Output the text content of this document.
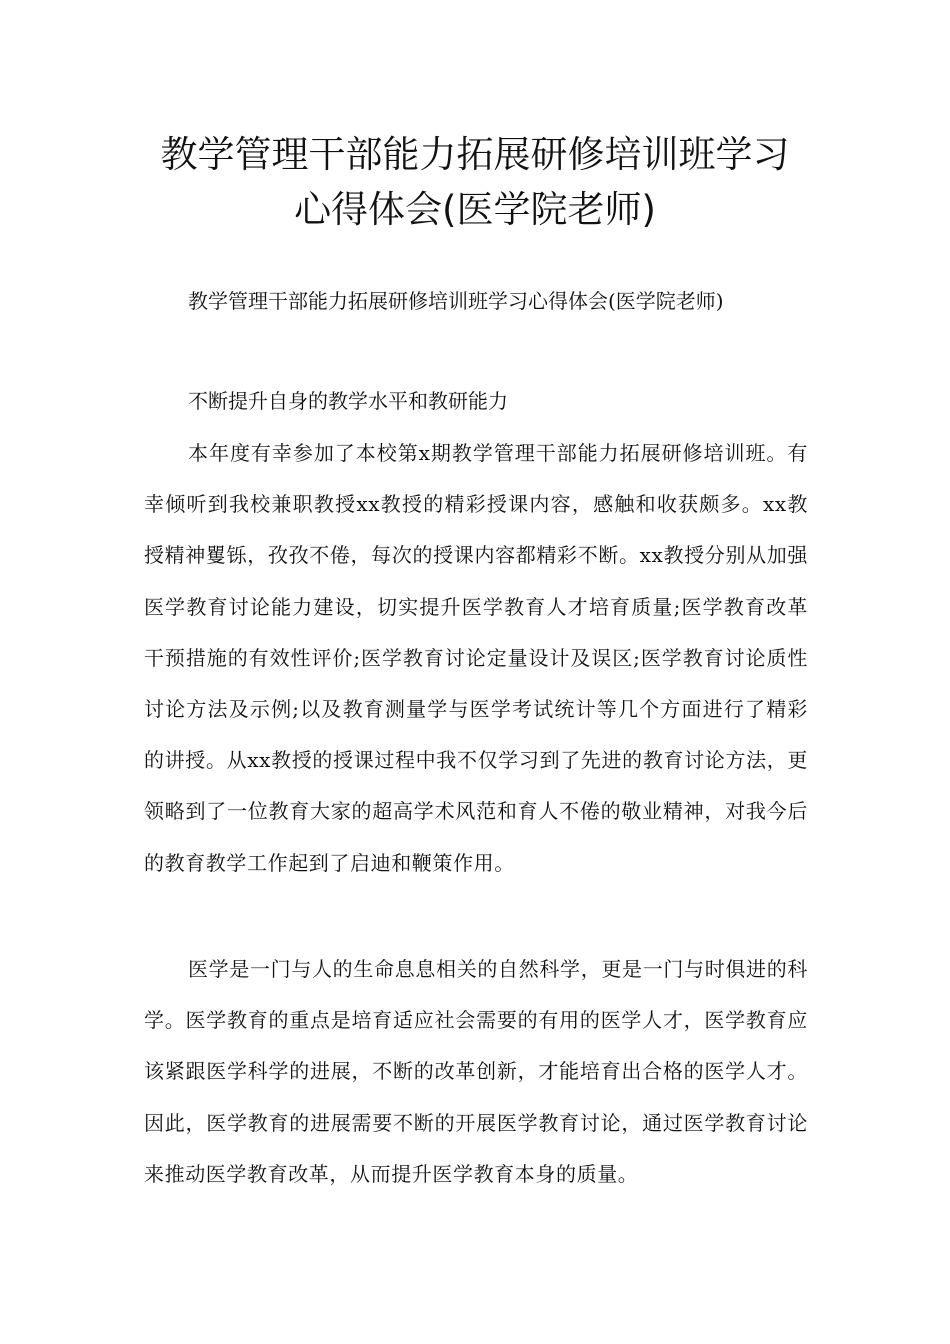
教学管理干部能力拓展研修培训班学习
心得体会(医学院老师)

教学管理干部能力拓展研修培训班学习心得体会(医学院老师)

不断提升自身的教学水平和教研能力

本年度有幸参加了本校第x期教学管理干部能力拓展研修培训班。有幸倾听到我校兼职教授xx教授的精彩授课内容，感触和收获颇多。xx教授精神矍铄，孜孜不倦，每次的授课内容都精彩不断。xx教授分别从加强医学教育讨论能力建设，切实提升医学教育人才培育质量;医学教育改革干预措施的有效性评价;医学教育讨论定量设计及误区;医学教育讨论质性讨论方法及示例;以及教育测量学与医学考试统计等几个方面进行了精彩的讲授。从xx教授的授课过程中我不仅学习到了先进的教育讨论方法，更领略到了一位教育大家的超高学术风范和育人不倦的敬业精神，对我今后的教育教学工作起到了启迪和鞭策作用。

医学是一门与人的生命息息相关的自然科学，更是一门与时俱进的科学。医学教育的重点是培育适应社会需要的有用的医学人才，医学教育应该紧跟医学科学的进展，不断的改革创新，才能培育出合格的医学人才。因此，医学教育的进展需要不断的开展医学教育讨论，通过医学教育讨论来推动医学教育改革，从而提升医学教育本身的质量。
